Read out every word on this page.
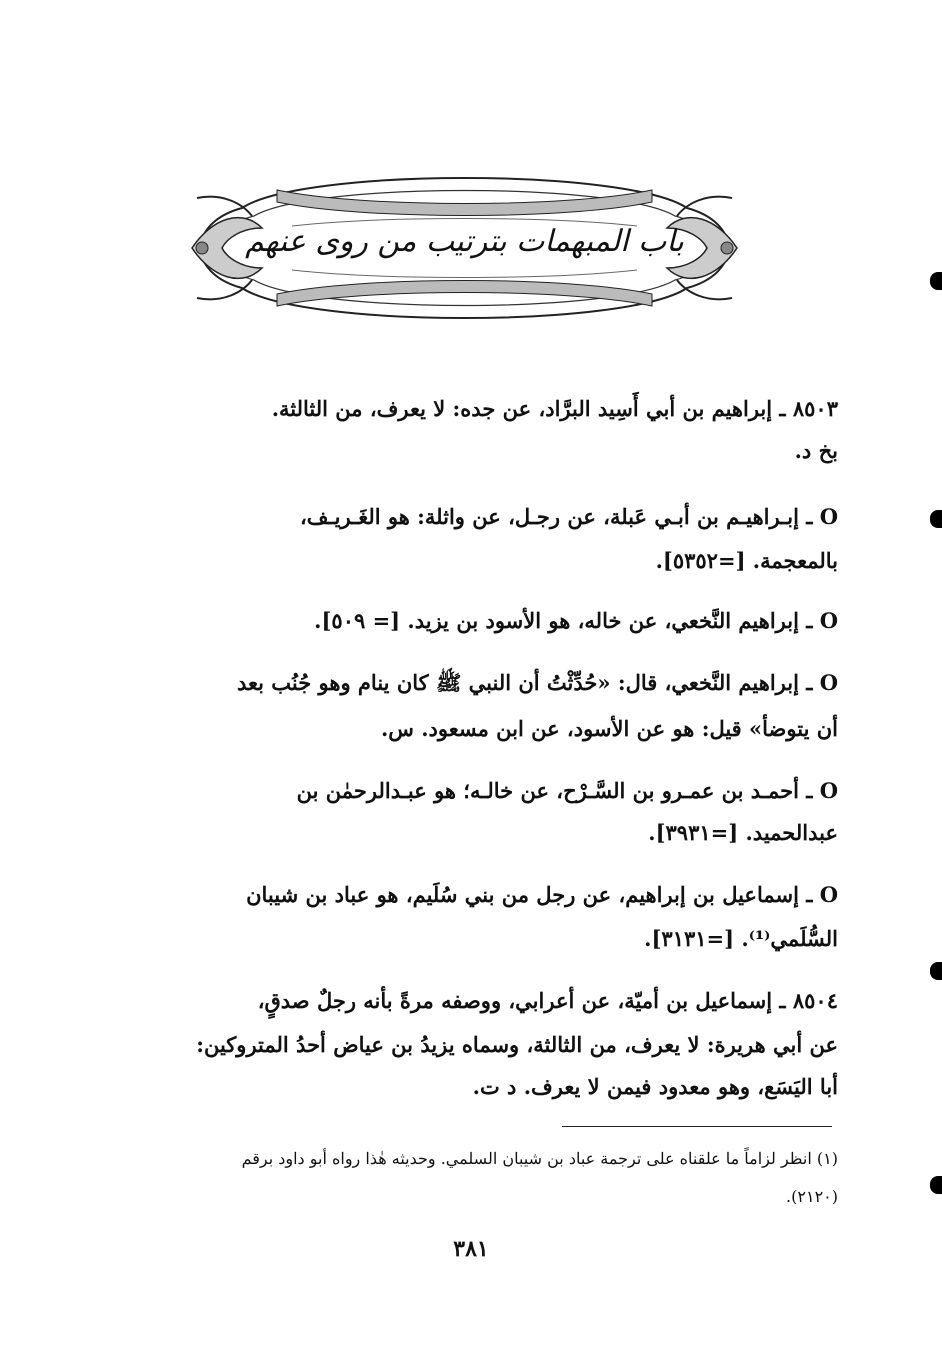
باب المبهمات بترتيب من روى عنهم

٨٥٠٣ ـ إبراهيم بن أبي أَسِيد البرَّاد، عن جده: لا يعرف، من الثالثة.

بخ د.

O ـ إبـراهيـم بن أبـي عَبلة، عن رجـل، عن واثلة: هو الغَـريـف،

بالمعجمة. [=٥٣٥٢].

O ـ إبراهيم النَّخعي، عن خاله، هو الأسود بن يزيد. [= ٥٠٩].

O ـ إبراهيم النَّخعي، قال: «حُدِّثْتُ أن النبي ﷺ كان ينام وهو جُنُب بعد

أن يتوضأ» قيل: هو عن الأسود، عن ابن مسعود. س.

O ـ أحمـد بن عمـرو بن السَّـرْح، عن خالـه؛ هو عبـدالرحمٰن بن

عبدالحميد. [=٣٩٣١].

O ـ إسماعيل بن إبراهيم، عن رجل من بني سُلَيم، هو عباد بن شيبان

السُّلَمي⁽¹⁾. [=٣١٣١].

٨٥٠٤ ـ إسماعيل بن أميّة، عن أعرابي، ووصفه مرةً بأنه رجلٌ صدقٍ،

عن أبي هريرة: لا يعرف، من الثالثة، وسماه يزيدُ بن عياض أحدُ المتروكين:

أبا اليَسَع، وهو معدود فيمن لا يعرف. د ت.

(١) انظر لزاماً ما علقناه على ترجمة عباد بن شيبان السلمي. وحديثه هٰذا رواه أبو داود برقم

(٢١٢٠).

٣٨١
